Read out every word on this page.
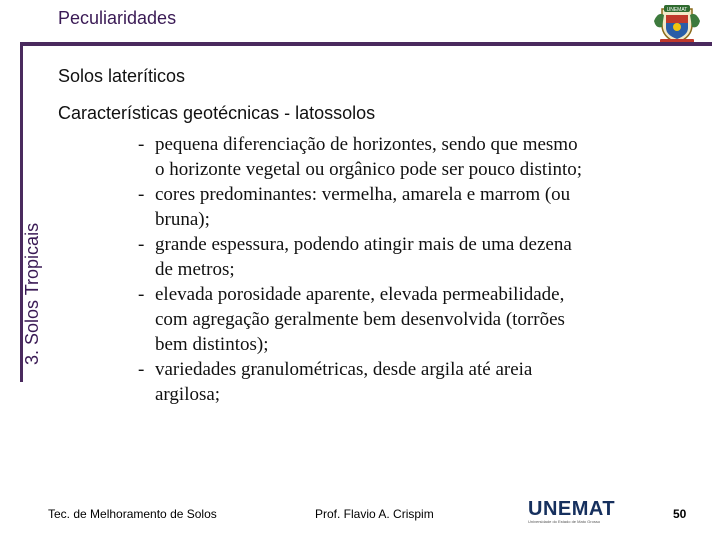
Peculiaridades	UNEMAT
3. Solos Tropicais
Solos lateríticos
Características geotécnicas - latossolos
- pequena diferenciação de horizontes, sendo que mesmo o horizonte vegetal ou orgânico pode ser pouco distinto;
- cores predominantes: vermelha, amarela e marrom (ou bruna);
- grande espessura, podendo atingir mais de uma dezena de metros;
- elevada porosidade aparente, elevada permeabilidade, com agregação geralmente bem desenvolvida (torrões bem distintos);
- variedades granulométricas, desde argila até areia argilosa;
Tec. de Melhoramento de Solos	Prof. Flavio A. Crispim	UNEMAT
Universidade do Estado de Mato Grosso
50
